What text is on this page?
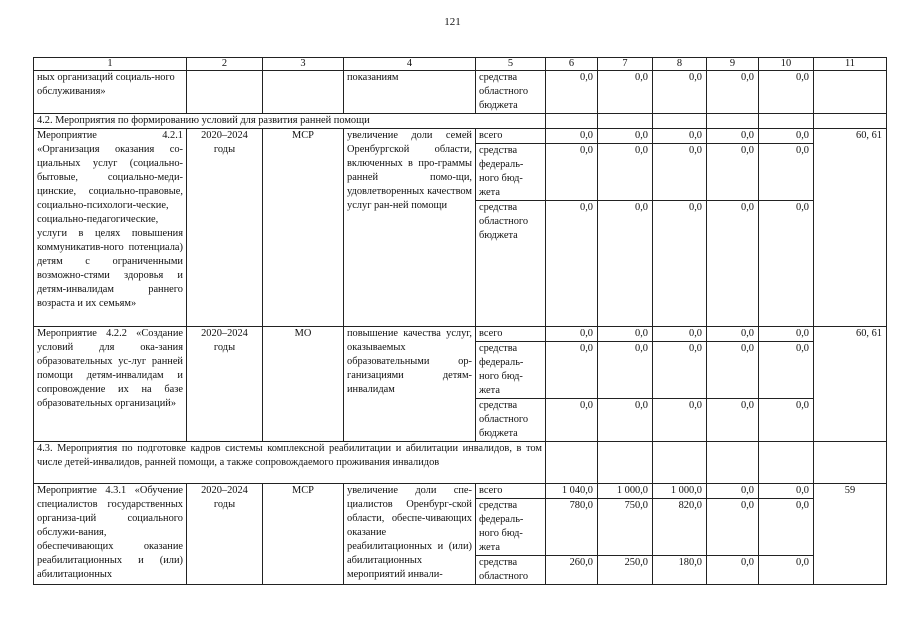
121
1	2	3	4	5	6	7	8	9	10	11
ных организаций социаль-ного обслуживания»			показаниям	средства областного бюджета	0,0	0,0	0,0	0,0	0,0	
4.2. Мероприятия по формированию условий для развития ранней помощи										
Мероприятие 4.2.1 «Организация оказания со-циальных услуг (социально-бытовые, социально-меди-цинские, социально-правовые, социально-психологи-ческие, социально-педагогические, услуги в целях повышения коммуникатив-ного потенциала) детям с ограниченными возможно-стями здоровья и детям-инвалидам раннего возраста и их семьям»	2020–2024 годы	МСР	увеличение доли семей Оренбургской области, включенных в про-граммы ранней помо-щи, удовлетворенных качеством услуг ран-ней помощи	всего	0,0	0,0	0,0	0,0	0,0	60, 61
				средства федераль-ного бюд-жета	0,0	0,0	0,0	0,0	0,0	
				средства областного бюджета	0,0	0,0	0,0	0,0	0,0	
Мероприятие 4.2.2 «Создание условий для ока-зания образовательных ус-луг ранней помощи детям-инвалидам и сопровождение их на базе образовательных организаций»	2020–2024 годы	МО	повышение качества услуг, оказываемых образовательными ор-ганизациями детям-инвалидам	всего	0,0	0,0	0,0	0,0	0,0	60, 61
				средства федераль-ного бюд-жета	0,0	0,0	0,0	0,0	0,0	
				средства областного бюджета	0,0	0,0	0,0	0,0	0,0	
4.3. Мероприятия по подготовке кадров системы комплексной реабилитации и абилитации инвалидов, в том числе детей-инвалидов, ранней помощи, а также сопровождаемого проживания инвалидов										
Мероприятие 4.3.1 «Обучение специалистов государственных организа-ций социального обслужи-вания, обеспечивающих оказание реабилитационных и (или) абилитационных	2020–2024 годы	МСР	увеличение доли спе-циалистов Оренбург-ской области, обеспе-чивающих оказание реабилитационных и (или) абилитационных мероприятий инвали-	всего	1 040,0	1 000,0	1 000,0	0,0	0,0	59
				средства федераль-ного бюд-жета	780,0	750,0	820,0	0,0	0,0	
				средства областного	260,0	250,0	180,0	0,0	0,0	
